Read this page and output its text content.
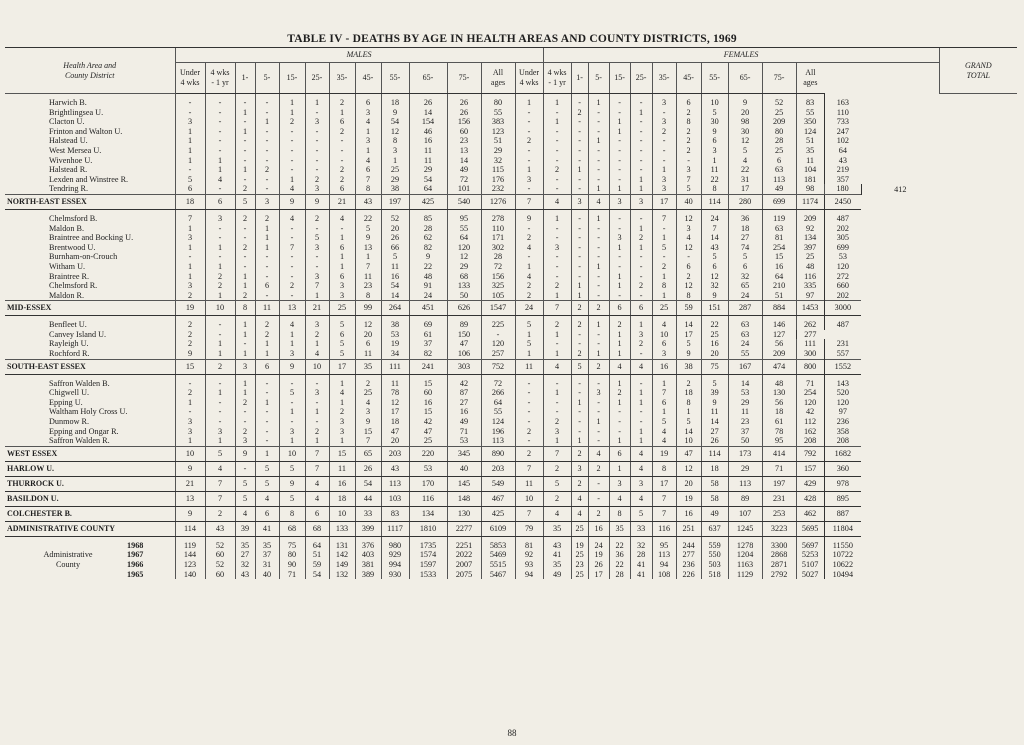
TABLE IV - DEATHS BY AGE IN HEALTH AREAS AND COUNTY DISTRICTS, 1969
Health Area and
County District	MALES													FEMALES													GRAND
TOTAL
	Under
4 wks	4 wks
- 1 yr	1-	5-	15-	25-	35-	45-	55-	65-	75-	All
ages	Under
4 wks	4 wks
- 1 yr	1-	5-	15-	25-	35-	45-	55-	65-	75-	All
ages			

Harwich B.	-	-	-	-	1	1	2	6	18	26	26	80	1	1	-	1	-	-	3	6	10	9	52	83	163		
Brightlingsea U.	-	-	1	-	1	-	1	3	9	14	26	55	-	-	2	-	-	1	-	2	5	20	25	55	110		
Clacton U.	3	-	-	1	2	3	6	4	54	154	156	383	-	1	-	-	1	-	3	8	30	98	209	350	733		
Frinton and Walton U.	1	-	1	-	-	-	2	1	12	46	60	123	-	-	-	-	1	-	2	2	9	30	80	124	247		
Halstead U.	1	-	-	-	-	-	-	3	8	16	23	51	2	-	-	1	-	-	-	2	6	12	28	51	102		
West Mersea U.	1	-	-	-	-	-	-	1	3	11	13	29	-	-	-	-	-	-	-	2	3	5	25	35	64		
Wivenhoe U.	1	1	-	-	-	-	-	4	1	11	14	32	-	-	-	-	-	-	-	-	1	4	6	11	43		
Halstead R.	-	1	1	2	-	-	2	6	25	29	49	115	1	2	1	-	-	-	1	3	11	22	63	104	219		
Lexden and Winstree R.	5	4	-	-	1	2	2	7	29	54	72	176	3	-	-	-	-	1	3	7	22	31	113	181	357		
Tendring R.	6	-	2	-	4	3	6	8	38	64	101	232	-	-	-	1	1	1	3	5	8	17	49	98	180	412	
NORTH-EAST ESSEX	18	6	5	3	9	9	21	43	197	425	540	1276	7	4	3	4	3	3	17	40	114	280	699	1174	2450		

Chelmsford B.	7	3	2	2	4	2	4	22	52	85	95	278	9	1	-	1	-	-	7	12	24	36	119	209	487		
Maldon B.	1	-	-	1	-	-	-	5	20	28	55	110	-	-	-	-	-	1	-	3	7	18	63	92	202		
Braintree and Bocking U.	3	-	-	1	-	5	1	9	26	62	64	171	2	-	-	-	3	2	1	4	14	27	81	134	305		
Brentwood U.	1	1	2	1	7	3	6	13	66	82	120	302	4	3	-	-	1	1	5	12	43	74	254	397	699		
Burnham-on-Crouch	-	-	-	-	-	-	1	1	5	9	12	28	-	-	-	-	-	-	-	-	5	5	15	25	53		
Witham U.	1	1	-	-	-	-	1	7	11	22	29	72	1	-	-	1	-	-	2	6	6	6	16	48	120		
Braintree R.	1	2	1	-	-	3	6	11	16	48	68	156	4	-	-	-	1	-	1	2	12	32	64	116	272		
Chelmsford R.	3	2	1	6	2	7	3	23	54	91	133	325	2	2	1	-	1	2	8	12	32	65	210	335	660		
Maldon R.	2	1	2	-	-	1	3	8	14	24	50	105	2	1	1	-	-	-	1	8	9	24	51	97	202		
MID-ESSEX	19	10	8	11	13	21	25	99	264	451	626	1547	24	7	2	2	6	6	25	59	151	287	884	1453	3000		

Benfleet U.	2	-	1	2	4	3	5	12	38	69	89	225	5	2	2	1	2	1	4	14	22	63	146	262	487		
Canvey Island U.	2	-	1	2	1	2	6	20	53	61	150	-	1	1	-	-	1	3	10	17	25	63	127	277			
Rayleigh U.	2	1	-	1	1	1	5	6	19	37	47	120	5	-	-	-	1	2	6	5	16	24	56	111	231		
Rochford R.	9	1	1	1	3	4	5	11	34	82	106	257	1	1	2	1	1	-	3	9	20	55	209	300	557		
SOUTH-EAST ESSEX	15	2	3	6	9	10	17	35	111	241	303	752	11	4	5	2	4	4	16	38	75	167	474	800	1552		

Saffron Walden B.	-	-	1	-	-	-	1	2	11	15	42	72	-	-	-	-	1	-	1	2	5	14	48	71	143		
Chigwell U.	2	1	1	-	5	3	4	25	78	60	87	266	-	1	-	3	2	1	7	18	39	53	130	254	520		
Epping U.	1	-	2	1	-	-	1	4	12	16	27	64	-	-	1	-	1	1	6	8	9	29	56	120	120		
Waltham Holy Cross U.	-	-	-	-	1	1	2	3	17	15	16	55	-	-	-	-	-	-	1	1	11	11	18	42	97		
Dunmow R.	3	-	-	-	-	-	3	9	18	42	49	124	-	2	-	1	-	-	5	5	14	23	61	112	236		
Epping and Ongar R.	3	3	2	-	3	2	3	15	47	47	71	196	2	3	-	-	-	1	4	14	27	37	78	162	358		
Saffron Walden R.	1	1	3	-	1	1	1	7	20	25	53	113	-	1	1	-	1	1	4	10	26	50	95	208	208		
WEST ESSEX	10	5	9	1	10	7	15	65	203	220	345	890	2	7	2	4	6	4	19	47	114	173	414	792	1682		
HARLOW U.	9	4	-	5	5	7	11	26	43	53	40	203	7	2	3	2	1	4	8	12	18	29	71	157	360		
THURROCK U.	21	7	5	5	9	4	16	54	113	170	145	549	11	5	2	-	3	3	17	20	58	113	197	429	978		
BASILDON U.	13	7	5	4	5	4	18	44	103	116	148	467	10	2	4	-	4	4	7	19	58	89	231	428	895		
COLCHESTER B.	9	2	4	6	8	6	10	33	83	134	130	425	7	4	4	2	8	5	7	16	49	107	253	462	887		
ADMINISTRATIVE COUNTY	114	43	39	41	68	68	133	399	1117	1810	2277	6109	79	35	25	16	35	33	116	251	637	1245	3223	5695	11804		

1968	119	52	35	35	75	64	131	376	980	1735	2251	5853	81	43	19	24	22	32	95	244	559	1278	3300	5697	11550		
Administrative 1967	144	60	27	37	80	51	142	403	929	1574	2022	5469	92	41	25	19	36	28	113	277	550	1204	2868	5253	10722		
County 1966	123	52	32	31	90	59	149	381	994	1597	2007	5515	93	35	23	26	22	41	94	236	503	1163	2871	5107	10622		
1965	140	60	43	40	71	54	132	389	930	1533	2075	5467	94	49	25	17	28	41	108	226	518	1129	2792	5027	10494		
88
